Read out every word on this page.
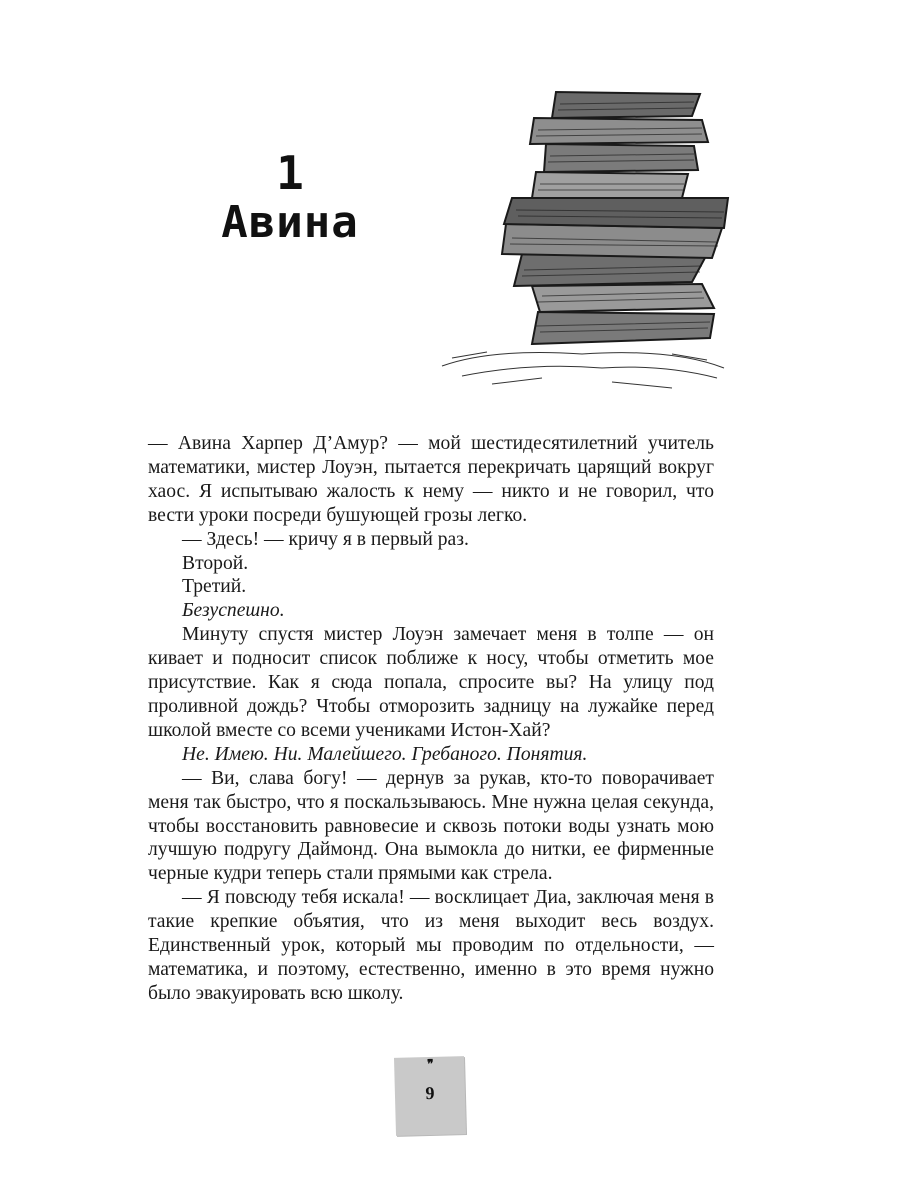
1
Авина

— Авина Харпер Д’Амур? — мой шестидесятилетний учитель математики, мистер Лоуэн, пытается перекричать царящий вокруг хаос. Я испытываю жалость к нему — никто и не говорил, что вести уроки посреди бушующей грозы легко.

— Здесь! — кричу я в первый раз.

Второй.

Третий.

Безуспешно.

Минуту спустя мистер Лоуэн замечает меня в толпе — он кивает и подносит список поближе к носу, чтобы отметить мое присутствие. Как я сюда попала, спросите вы? На улицу под проливной дождь? Чтобы отморозить задницу на лужайке перед школой вместе со всеми учениками Истон-Хай?

Не. Имею. Ни. Малейшего. Гребаного. Понятия.

— Ви, слава богу! — дернув за рукав, кто-то поворачивает меня так быстро, что я поскальзываюсь. Мне нужна целая секунда, чтобы восстановить равновесие и сквозь потоки воды узнать мою лучшую подругу Даймонд. Она вымокла до нитки, ее фирменные черные кудри теперь стали прямыми как стрела.

— Я повсюду тебя искала! — восклицает Диа, заключая меня в такие крепкие объятия, что из меня выходит весь воздух. Единственный урок, который мы проводим по отдельности, — математика, и поэтому, естественно, именно в это время нужно было эвакуировать всю школу.

❞
9
